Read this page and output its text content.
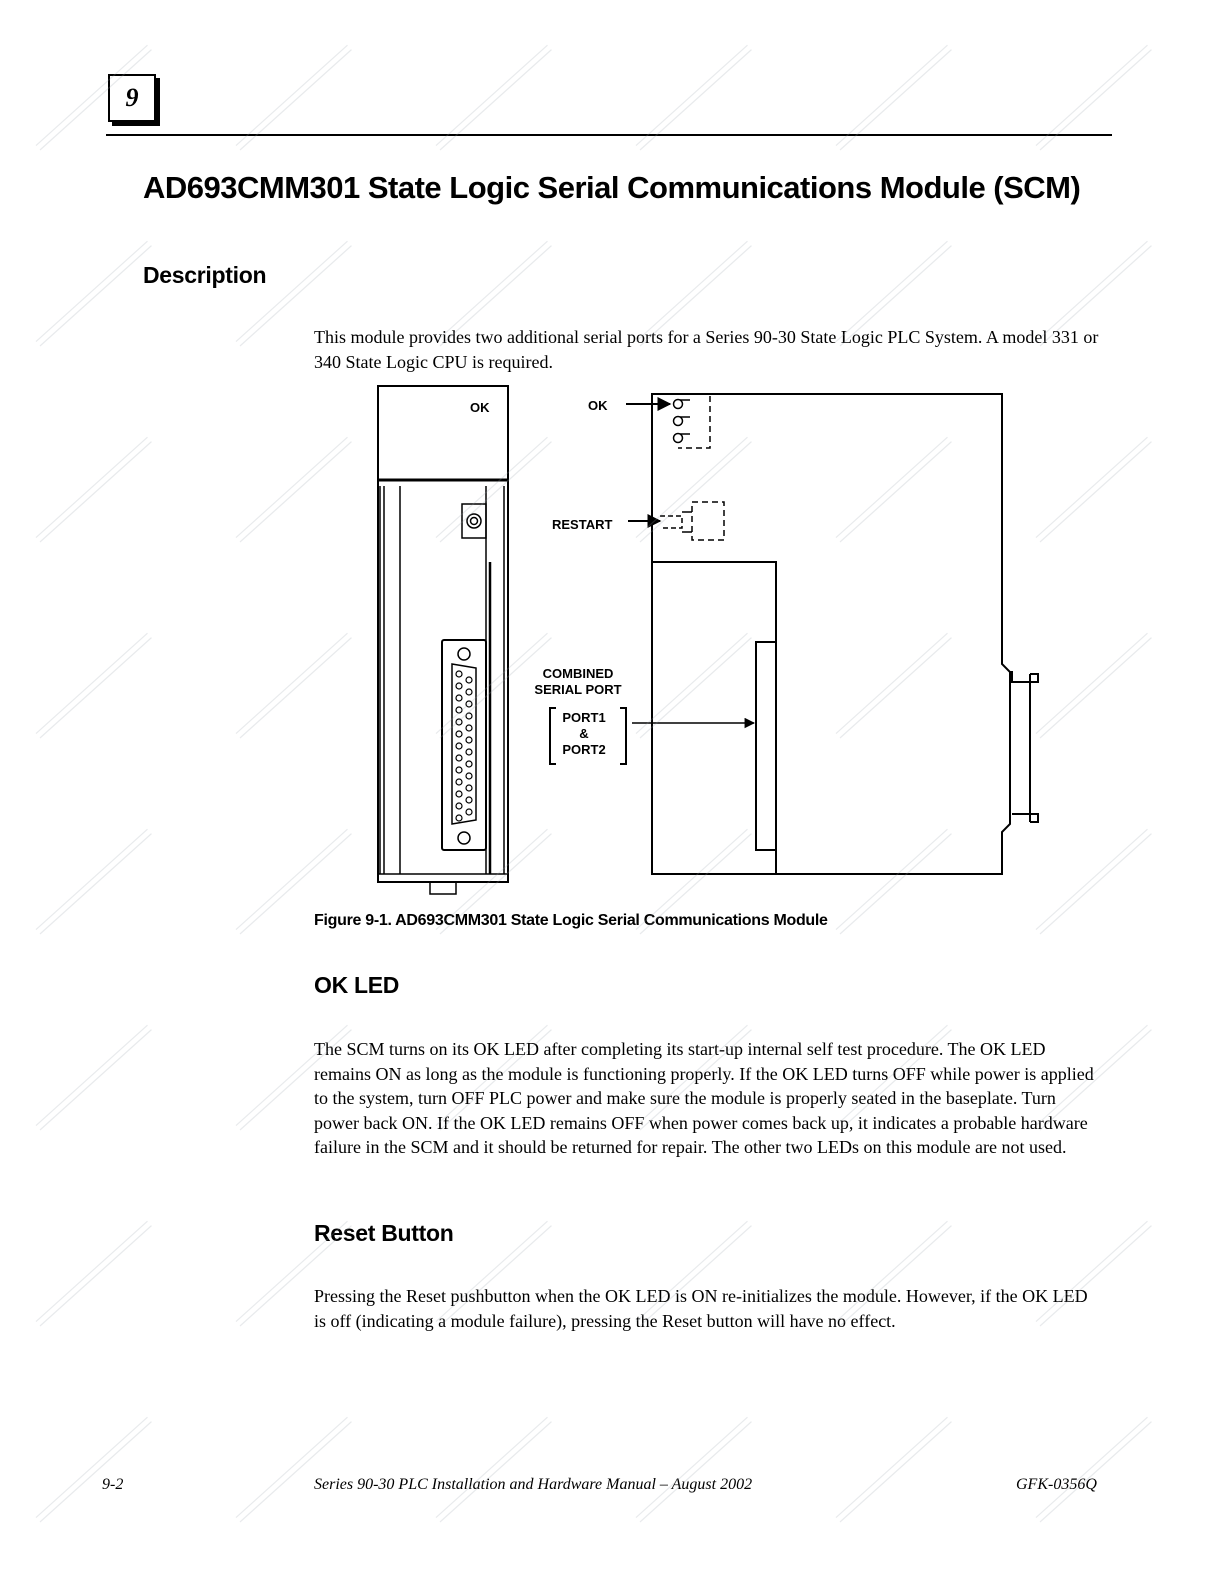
9
AD693CMM301 State Logic Serial Communications Module (SCM)
Description

This module provides two additional serial ports for a Series 90-30 State Logic PLC System. A model 331 or 340 State Logic CPU is required.

OK	OK
RESTART
COMBINED
SERIAL PORT
PORT1
&
PORT2

Figure 9-1. AD693CMM301 State Logic Serial Communications Module

OK LED

The SCM turns on its OK LED after completing its start-up internal self test procedure. The OK LED remains ON as long as the module is functioning properly. If the OK LED turns OFF while power is applied to the system, turn OFF PLC power and make sure the module is properly seated in the baseplate. Turn power back ON. If the OK LED remains OFF when power comes back up, it indicates a probable hardware failure in the SCM and it should be returned for repair. The other two LEDs on this module are not used.

Reset Button

Pressing the Reset pushbutton when the OK LED is ON re-initializes the module. However, if the OK LED is off (indicating a module failure), pressing the Reset button will have no effect.

9-2	Series 90-30 PLC Installation and Hardware Manual – August 2002	GFK-0356Q
